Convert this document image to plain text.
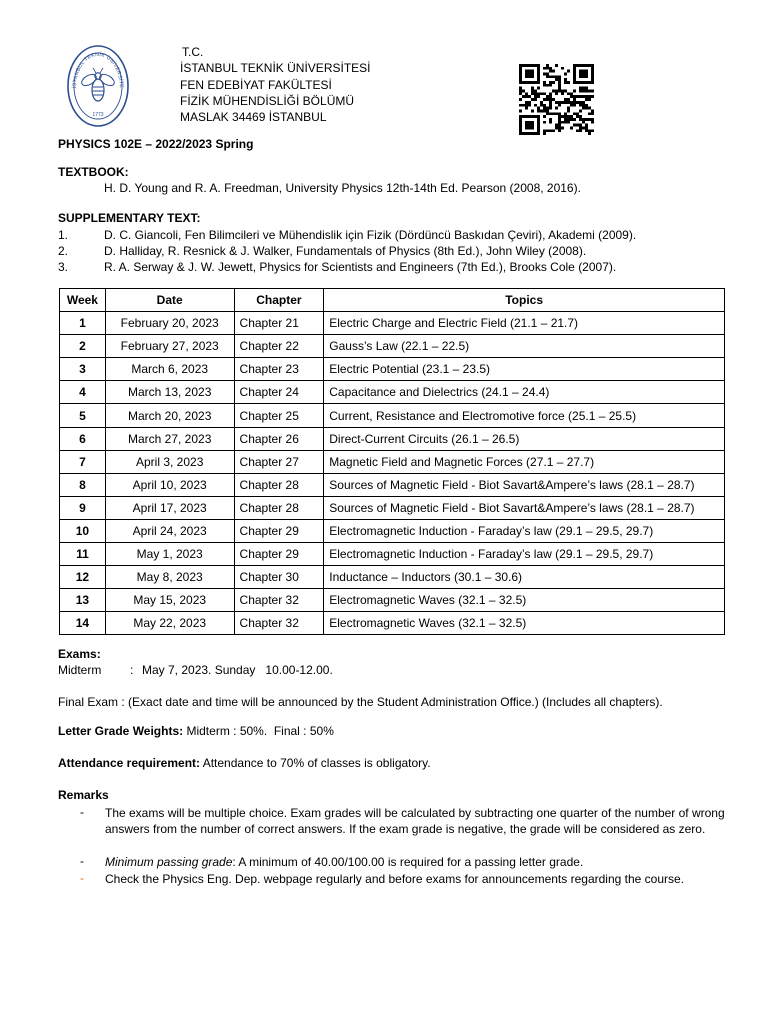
İSTANBUL TEKNİK ÜNİVERSİTE
1773
T.C.
İSTANBUL TEKNİK ÜNİVERSİTESİ
FEN EDEBİYAT FAKÜLTESİ
FİZİK MÜHENDİSLİĞİ BÖLÜMÜ
MASLAK 34469 İSTANBUL
PHYSICS 102E – 2022/2023 Spring
TEXTBOOK:
H. D. Young and R. A. Freedman, University Physics 12th-14th Ed. Pearson (2008, 2016).
SUPPLEMENTARY TEXT:
1.	D. C. Giancoli, Fen Bilimcileri ve Mühendislik için Fizik (Dördüncü Baskıdan Çeviri), Akademi (2009).
2.	D. Halliday, R. Resnick & J. Walker, Fundamentals of Physics (8th Ed.), John Wiley (2008).
3.	R. A. Serway & J. W. Jewett, Physics for Scientists and Engineers (7th Ed.), Brooks Cole (2007).
Week	Date	Chapter	Topics
1	February 20, 2023	Chapter 21	Electric Charge and Electric Field (21.1 – 21.7)
2	February 27, 2023	Chapter 22	Gauss’s Law (22.1 – 22.5)
3	March 6, 2023	Chapter 23	Electric Potential (23.1 – 23.5)
4	March 13, 2023	Chapter 24	Capacitance and Dielectrics (24.1 – 24.4)
5	March 20, 2023	Chapter 25	Current, Resistance and Electromotive force (25.1 – 25.5)
6	March 27, 2023	Chapter 26	Direct-Current Circuits (26.1 – 26.5)
7	April 3, 2023	Chapter 27	Magnetic Field and Magnetic Forces (27.1 – 27.7)
8	April 10, 2023	Chapter 28	Sources of Magnetic Field - Biot Savart&Ampere’s laws (28.1 – 28.7)
9	April 17, 2023	Chapter 28	Sources of Magnetic Field - Biot Savart&Ampere’s laws (28.1 – 28.7)
10	April 24, 2023	Chapter 29	Electromagnetic Induction - Faraday’s law (29.1 – 29.5, 29.7)
11	May 1, 2023	Chapter 29	Electromagnetic Induction - Faraday’s law (29.1 – 29.5, 29.7)
12	May 8, 2023	Chapter 30	Inductance – Inductors (30.1 – 30.6)
13	May 15, 2023	Chapter 32	Electromagnetic Waves (32.1 – 32.5)
14	May 22, 2023	Chapter 32	Electromagnetic Waves (32.1 – 32.5)
Exams:
Midterm : May 7, 2023. Sunday   10.00-12.00.
Final Exam : (Exact date and time will be announced by the Student Administration Office.) (Includes all chapters).
Letter Grade Weights: Midterm : 50%.  Final : 50%
Attendance requirement: Attendance to 70% of classes is obligatory.
Remarks
- The exams will be multiple choice. Exam grades will be calculated by subtracting one quarter of the number of wrong answers from the number of correct answers. If the exam grade is negative, the grade will be considered as zero.
- Minimum passing grade: A minimum of 40.00/100.00 is required for a passing letter grade.
- Check the Physics Eng. Dep. webpage regularly and before exams for announcements regarding the course.
